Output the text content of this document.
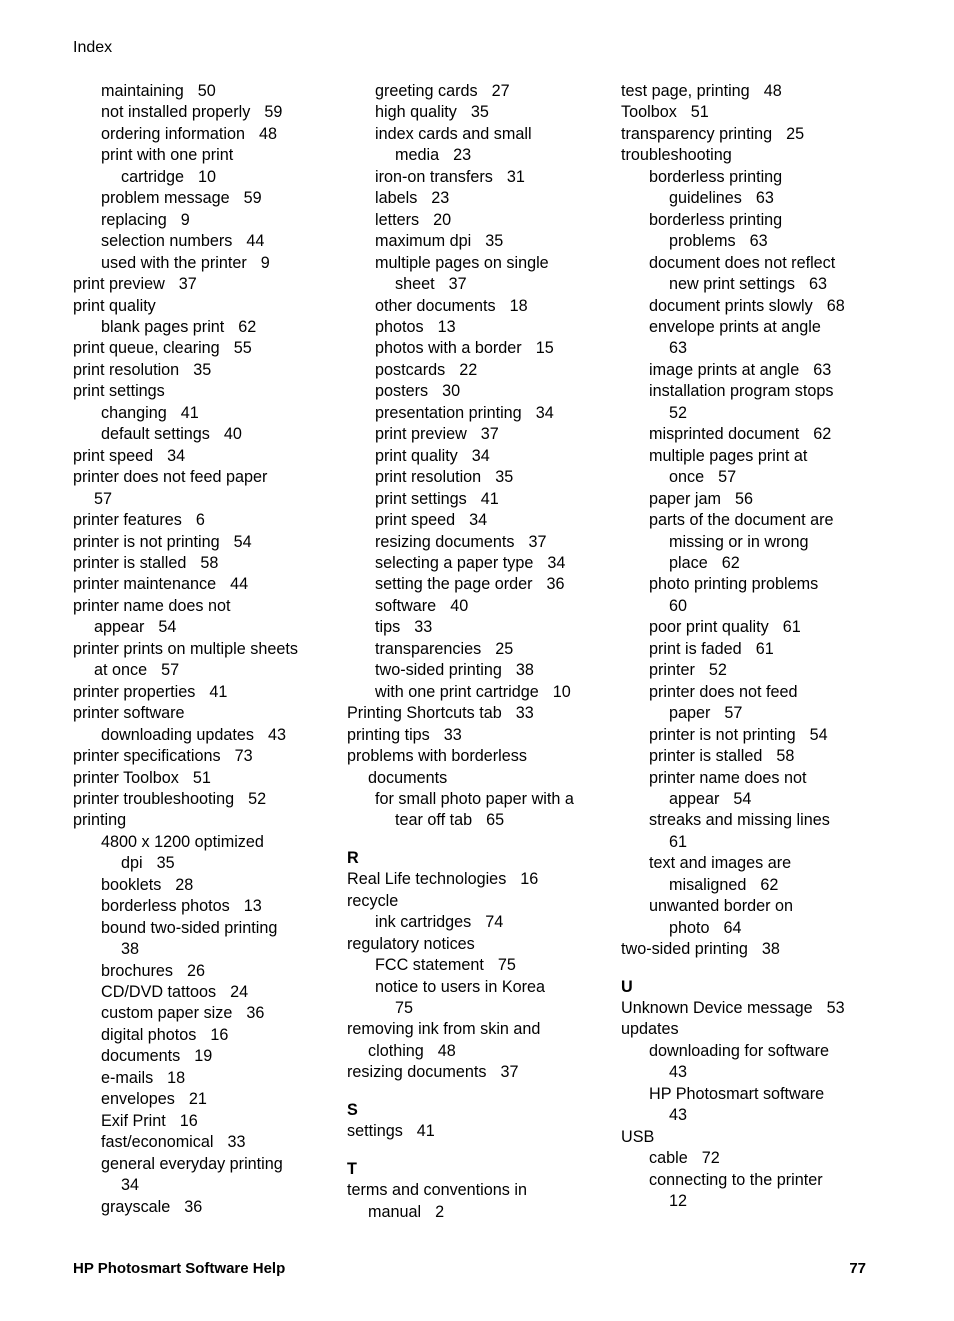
Index
maintaining 50
not installed properly 59
ordering information 48
print with one print
cartridge 10
problem message 59
replacing 9
selection numbers 44
used with the printer 9
print preview 37
print quality
blank pages print 62
print queue, clearing 55
print resolution 35
print settings
changing 41
default settings 40
print speed 34
printer does not feed paper
57
printer features 6
printer is not printing 54
printer is stalled 58
printer maintenance 44
printer name does not
appear 54
printer prints on multiple sheets
at once 57
printer properties 41
printer software
downloading updates 43
printer specifications 73
printer Toolbox 51
printer troubleshooting 52
printing
4800 x 1200 optimized
dpi 35
booklets 28
borderless photos 13
bound two-sided printing
38
brochures 26
CD/DVD tattoos 24
custom paper size 36
digital photos 16
documents 19
e-mails 18
envelopes 21
Exif Print 16
fast/economical 33
general everyday printing
34
grayscale 36
greeting cards 27
high quality 35
index cards and small
media 23
iron-on transfers 31
labels 23
letters 20
maximum dpi 35
multiple pages on single
sheet 37
other documents 18
photos 13
photos with a border 15
postcards 22
posters 30
presentation printing 34
print preview 37
print quality 34
print resolution 35
print settings 41
print speed 34
resizing documents 37
selecting a paper type 34
setting the page order 36
software 40
tips 33
transparencies 25
two-sided printing 38
with one print cartridge 10
Printing Shortcuts tab 33
printing tips 33
problems with borderless
documents
for small photo paper with a
tear off tab 65
R
Real Life technologies 16
recycle
ink cartridges 74
regulatory notices
FCC statement 75
notice to users in Korea
75
removing ink from skin and
clothing 48
resizing documents 37
S
settings 41
T
terms and conventions in
manual 2
test page, printing 48
Toolbox 51
transparency printing 25
troubleshooting
borderless printing
guidelines 63
borderless printing
problems 63
document does not reflect
new print settings 63
document prints slowly 68
envelope prints at angle
63
image prints at angle 63
installation program stops
52
misprinted document 62
multiple pages print at
once 57
paper jam 56
parts of the document are
missing or in wrong
place 62
photo printing problems
60
poor print quality 61
print is faded 61
printer 52
printer does not feed
paper 57
printer is not printing 54
printer is stalled 58
printer name does not
appear 54
streaks and missing lines
61
text and images are
misaligned 62
unwanted border on
photo 64
two-sided printing 38
U
Unknown Device message 53
updates
downloading for software
43
HP Photosmart software
43
USB
cable 72
connecting to the printer
12
HP Photosmart Software Help	77
